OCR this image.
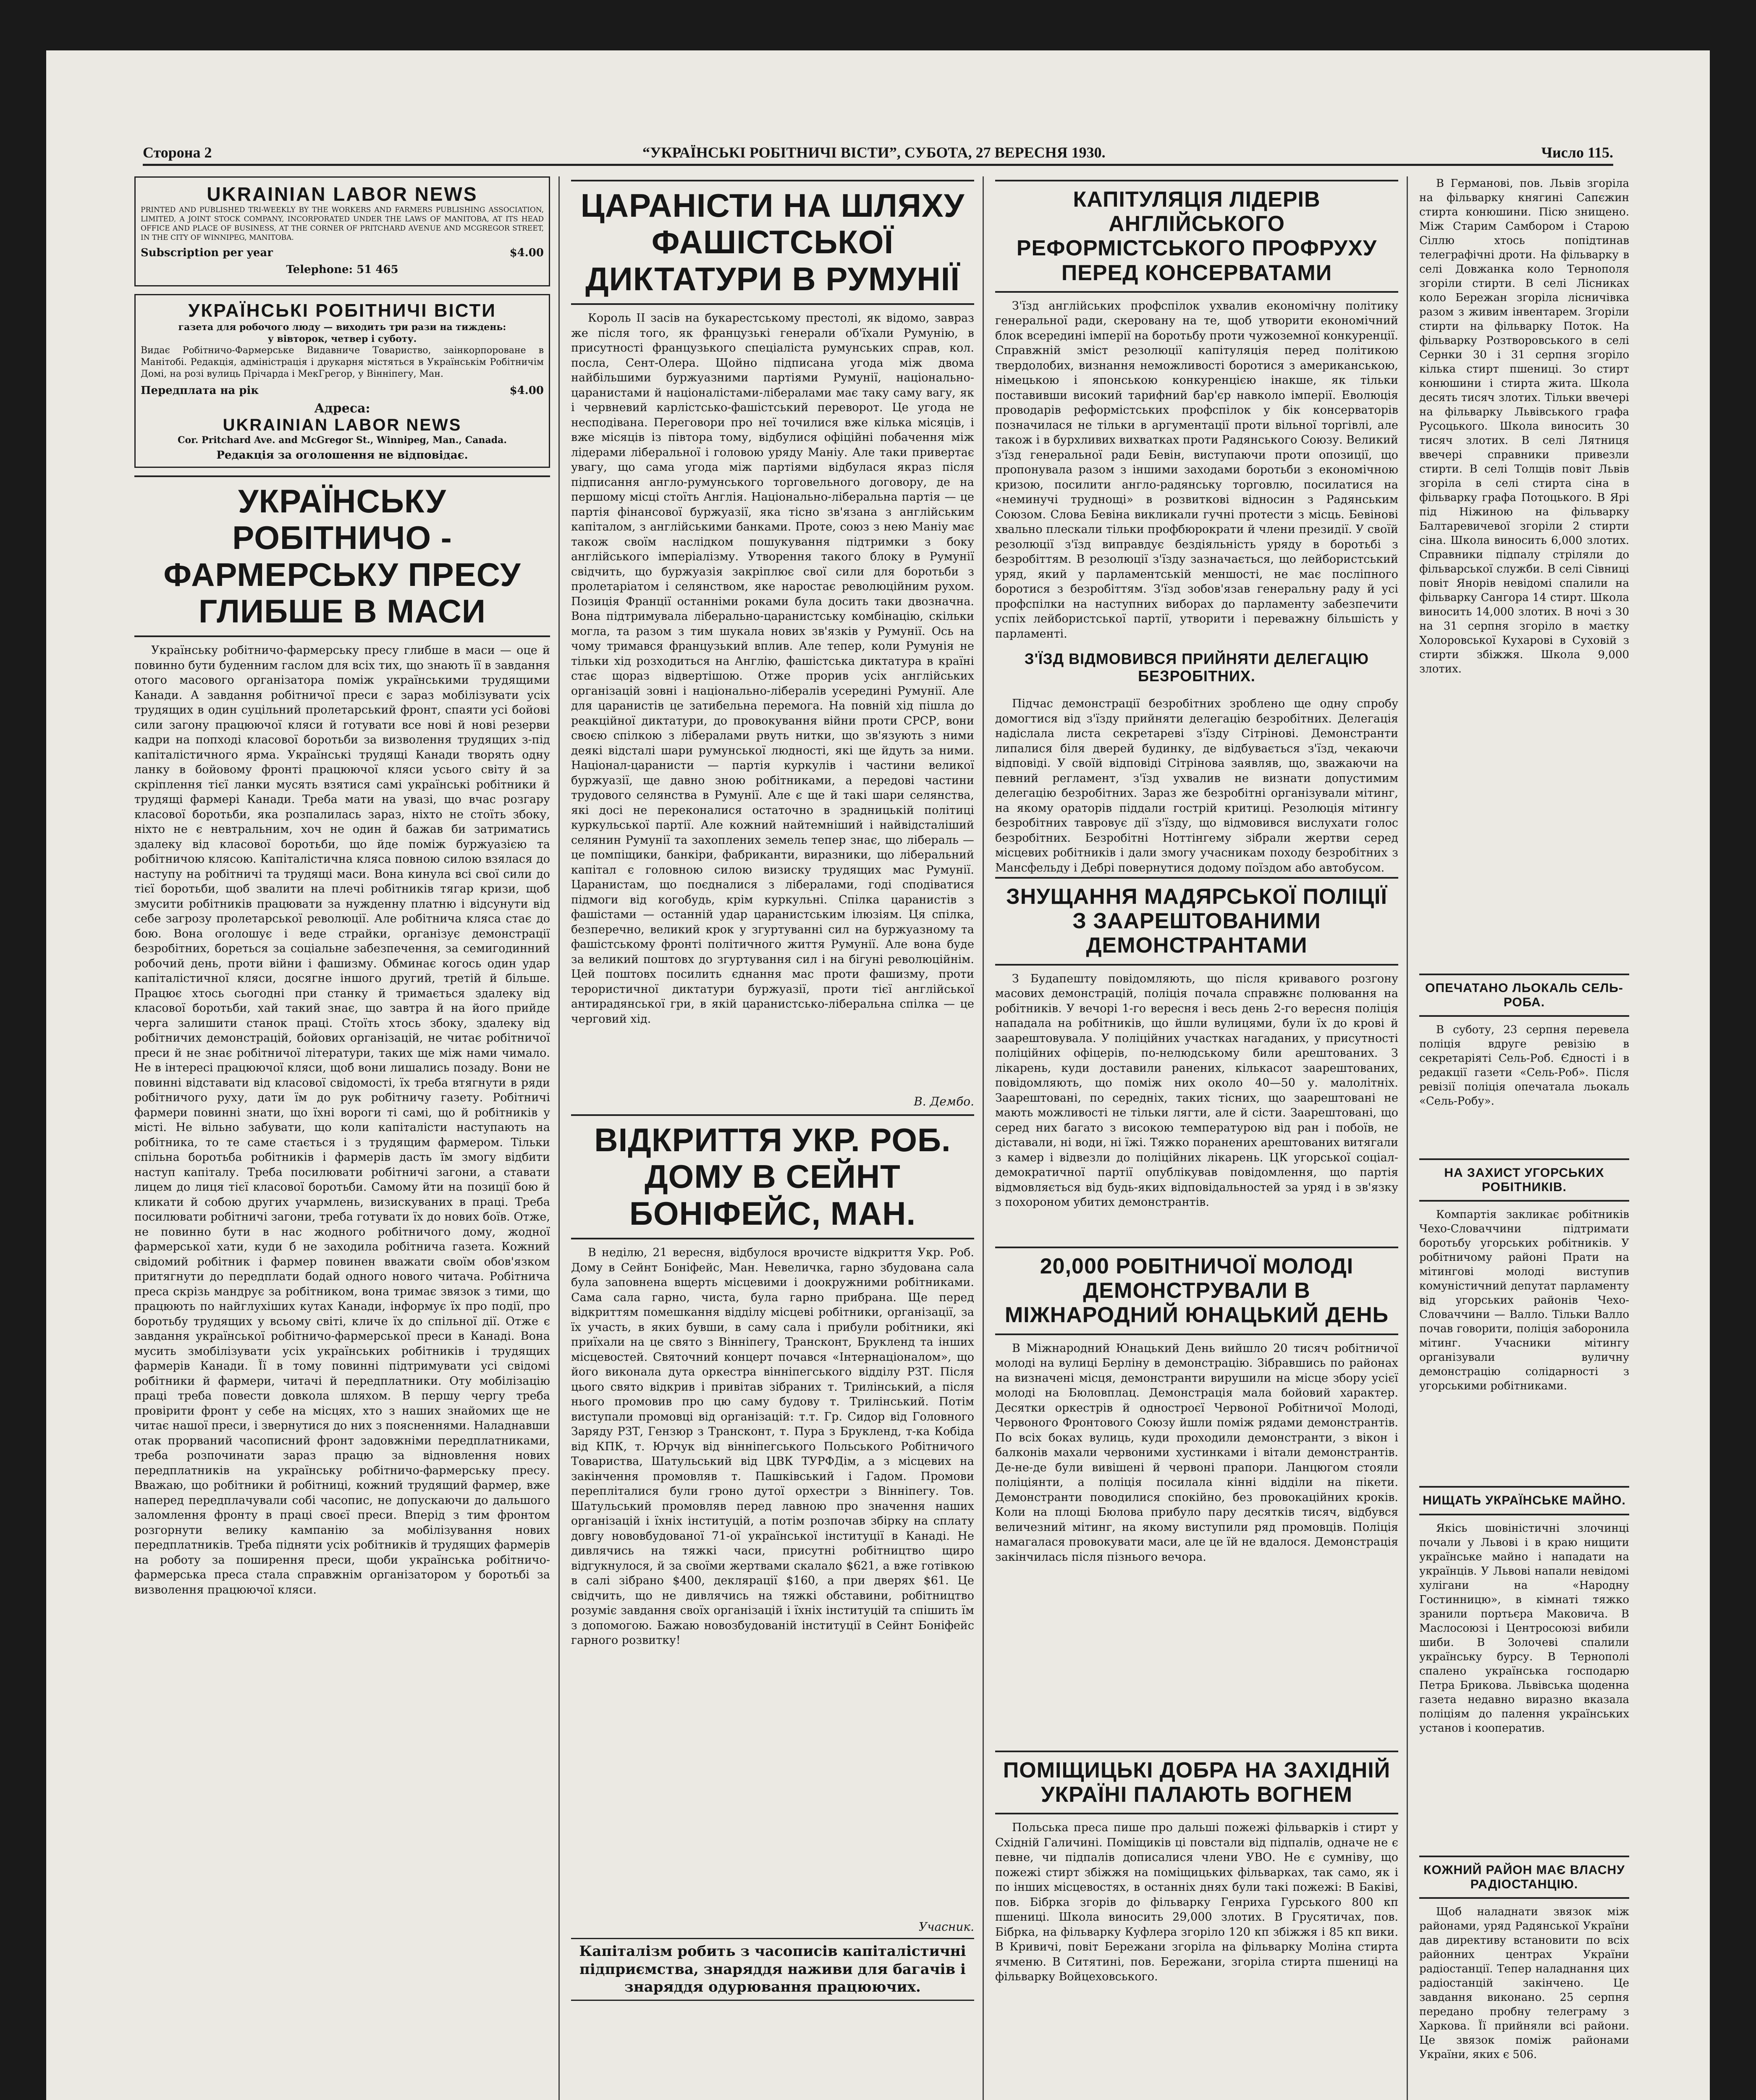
Сторона 2	“УКРАЇНСЬКІ РОБІТНИЧІ ВІСТИ”, СУБОТА, 27 ВЕРЕСНЯ 1930.	Число 115.
UKRAINIAN LABOR NEWS
PRINTED AND PUBLISHED TRI-WEEKLY BY THE WORKERS AND FARMERS PUBLISHING ASSOCIATION, LIMITED, A JOINT STOCK COMPANY, INCORPORATED UNDER THE LAWS OF MANITOBA, AT ITS HEAD OFFICE AND PLACE OF BUSINESS, AT THE CORNER OF PRITCHARD AVENUE AND MCGREGOR STREET, IN THE CITY OF WINNIPEG, MANITOBA.
Subscription per year	$4.00
Telephone: 51 465
УКРАЇНСЬКІ РОБІТНИЧІ ВІСТИ
газета для робочого люду — виходить три рази на тиждень:
у вівторок, четвер і суботу.
Видає Робітничо-Фармерське Видавниче Товариство, заінкорпороване в Манітобі. Редакція, адміністрація і друкарня містяться в Українськім Робітничім Домі, на розі вулиць Прічарда і МекГрегор, у Вінніпегу, Ман.
Передплата на рік	$4.00
Адреса:
UKRAINIAN LABOR NEWS
Cor. Pritchard Ave. and McGregor St., Winnipeg, Man., Canada.
Редакція за оголошення не відповідає.
УКРАЇНСЬКУ РОБІТНИЧО - ФАРМЕРСЬКУ ПРЕСУ ГЛИБШЕ В МАСИ

Українську робітничо-фармерську пресу глибше в маси — оце й повинно бути буденним гаслом для всіх тих, що знають її в завдання отого масового організатора поміж українськими трудящими Канади. А завдання робітничої преси є зараз мобілізувати усіх трудящих в один суцільний пролетарський фронт, спаяти усі бойові сили загону працюючої кляси й готувати все нові й нові резерви кадри на попході класової боротьби за визволення трудящих з-під капіталістичного ярма. Українські трудящі Канади творять одну ланку в бойовому фронті працюючої кляси усього світу й за скріплення тієї ланки мусять взятися самі українські робітники й трудящі фармері Канади. Треба мати на увазі, що вчас розгару класової боротьби, яка розпалилась зараз, ніхто не стоїть збоку, ніхто не є невтральним, хоч не один й бажав би затриматись здалеку від класової боротьби, що йде поміж буржуазією та робітничою клясою. Капіталістична кляса повною силою взялася до наступу на робітничі та трудящі маси. Вона кинула всі свої сили до тієї боротьби, щоб звалити на плечі робітників тягар кризи, щоб змусити робітників працювати за нужденну платню і відсунути від себе загрозу пролетарської революції. Але робітнича кляса стає до бою. Вона оголошує і веде страйки, організує демонстрації безробітних, бореться за соціальне забезпечення, за семигодинний робочий день, проти війни і фашизму. Обминає когось один удар капіталістичної кляси, досягне іншого другий, третій й більше. Працює хтось сьогодні при станку й тримається здалеку від класової боротьби, хай такий знає, що завтра й на його прийде черга залишити станок праці. Стоїть хтось збоку, здалеку від робітничих демонстрацій, бойових організацій, не читає робітничої преси й не знає робітничої літератури, таких ще між нами чимало. Не в інтересі працюючої кляси, щоб вони лишались позаду. Вони не повинні відставати від класової свідомості, їх треба втягнути в ряди робітничого руху, дати їм до рук робітничу газету. Робітничі фармери повинні знати, що їхні вороги ті самі, що й робітників у місті. Не вільно забувати, що коли капіталісти наступають на робітника, то те саме стається і з трудящим фармером. Тільки спільна боротьба робітників і фармерів дасть їм змогу відбити наступ капіталу. Треба посилювати робітничі загони, а ставати лицем до лиця тієї класової боротьби. Самому йти на позиції бою й кликати й собою других учармлень, визискуваних в праці. Треба посилювати робітничі загони, треба готувати їх до нових боїв. Отже, не повинно бути в нас жодного робітничого дому, жодної фармерської хати, куди б не заходила робітнича газета. Кожний свідомий робітник і фармер повинен вважати своїм обов'язком притягнути до передплати бодай одного нового читача. Робітнича преса скрізь мандрує за робітником, вона тримає звязок з тими, що працюють по найглухіших кутах Канади, інформує їх про події, про боротьбу трудящих у всьому світі, кличе їх до спільної дії. Отже є завдання української робітничо-фармерської преси в Канаді. Вона мусить змобілізувати усіх українських робітників і трудящих фармерів Канади. Її в тому повинні підтримувати усі свідомі робітники й фармери, читачі й передплатники. Оту мобілізацію праці треба повести довкола шляхом. В першу чергу треба провірити фронт у себе на місцях, хто з наших знайомих ще не читає нашої преси, і звернутися до них з поясненнями. Наладнавши отак прорваний часописний фронт задовжніми передплатниками, треба розпочинати зараз працю за відновлення нових передплатників на українську робітничо-фармерську пресу. Вважаю, що робітники й робітниці, кожний трудящий фармер, вже наперед передплачували собі часопис, не допускаючи до дальшого заломлення фронту в праці своєї преси. Вперід з тим фронтом розгорнути велику кампанію за мобілізування нових передплатників. Треба підняти усіх робітників й трудящих фармерів на роботу за поширення преси, щоби українська робітничо-фармерська преса стала справжнім організатором у боротьбі за визволення працюючої кляси.

ЦАРАНІСТИ НА ШЛЯХУ ФАШІСТСЬКОЇ ДИКТАТУРИ В РУМУНІЇ

Король II засів на букарестському престолі, як відомо, завраз же після того, як французькі генерали об'їхали Румунію, в присутності французького спеціаліста румунських справ, кол. посла, Сент-Олера. Щойно підписана угода між двома найбільшими буржуазними партіями Румунії, національно-царанистами й націоналістами-лібералами має таку саму вагу, як і червневий карлістсько-фашістський переворот. Це угода не несподівана. Переговори про неї точилися вже кілька місяців, і вже місяців із півтора тому, відбулися офіційні побачення між лідерами ліберальної і головою уряду Маніу. Але таки привертає увагу, що сама угода між партіями відбулася якраз після підписання англо-румунського торговельного договору, де на першому місці стоїть Англія. Національно-ліберальна партія — це партія фінансової буржуазії, яка тісно зв'язана з англійським капіталом, з англійськими банками. Проте, союз з нею Маніу має також своїм наслідком пошукування підтримки з боку англійського імперіалізму. Утворення такого блоку в Румунії свідчить, що буржуазія закріплює свої сили для боротьби з пролетаріатом і селянством, яке наростає революційним рухом. Позиція Франції останніми роками була досить таки двозначна. Вона підтримувала ліберально-царанистську комбінацію, скільки могла, та разом з тим шукала нових зв'язків у Румунії. Ось на чому тримався французький вплив. Але тепер, коли Румунія не тільки хід розходиться на Англію, фашістська диктатура в країні стає щораз відвертішою. Отже прорив усіх англійських організацій зовні і національно-лібералів усередині Румунії. Але для царанистів це затибельна перемога. На повній хід пішла до реакційної диктатури, до провокування війни проти СРСР, вони своєю спілкою з лібералами рвуть нитки, що зв'язують з ними деякі відсталі шари румунської людності, які ще йдуть за ними. Націонал-царанисти — партія куркулів і частини великої буржуазії, ще давно зною робітниками, а передові частини трудового селянства в Румунії. Але є ще й такі шари селянства, які досі не переконалися остаточно в зрадницькій політиці куркульської партії. Але кожний найтемніший і найвідсталіший селянин Румунії та захоплених земель тепер знає, що лібераль — це помпіщики, банкіри, фабриканти, виразники, що ліберальний капітал є головною силою визиску трудящих мас Румунії. Царанистам, що поєдналися з лібералами, годі сподіватися підмоги від когобудь, крім куркульні. Спілка царанистів з фашістами — останній удар царанистським ілюзіям. Ця спілка, безперечно, великий крок у згуртуванні сил на буржуазному та фашістському фронті політичного життя Румунії. Але вона буде за великий поштовх до згуртування сил і на бігуні революційнім. Цей поштовх посилить єднання мас проти фашизму, проти терористичної диктатури буржуазії, проти тієї англійської антирадянської гри, в якій царанистсько-ліберальна спілка — це черговий хід.

В. Дембо.
ВІДКРИТТЯ УКР. РОБ. ДОМУ В СЕЙНТ БОНІФЕЙС, МАН.

В неділю, 21 вересня, відбулося врочисте відкриття Укр. Роб. Дому в Сейнт Боніфейс, Ман. Невеличка, гарно збудована сала була заповнена вщерть місцевими і доокружними робітниками. Сама сала гарно, чиста, була гарно прибрана. Ще перед відкриттям помешкання відділу місцеві робітники, організації, за їх участь, в яких бувши, в саму сала і прибули робітники, які приїхали на це свято з Вінніпегу, Трансконт, Брукленд та інших місцевостей. Святочний концерт почався «Інтернаціоналом», що його виконала дута оркестра вінніпегського відділу РЗТ. Після цього свято відкрив і привітав зібраних т. Трилінський, а після нього промовив про цю саму будову т. Трилінський. Потім виступали промовці від організацій: т.т. Гр. Сидор від Головного Заряду РЗТ, Гензюр з Трансконт, т. Пура з Брукленд, т-ка Кобіда від КПК, т. Юрчук від вінніпегського Польського Робітничого Товариства, Шатульський від ЦВК ТУРФДім, а з місцевих на закінчення промовляв т. Пашківський і Гадом. Промови перепліталися були гроно дутої орхестри з Вінніпегу. Тов. Шатульський промовляв перед лавною про значення наших організацій і їхніх інституцій, а потім розпочав збірку на сплату довгу нововбудованої 71-ої української інституції в Канаді. Не дивлячись на тяжкі часи, присутні робітництво щиро відгукнулося, й за своїми жертвами скалало $621, а вже готівкою в салі зібрано $400, деклярації $160, а при дверях $61. Це свідчить, що не дивлячись на тяжкі обставини, робітництво розуміє завдання своїх організацій і їхніх інституцій та спішить їм з допомогою. Бажаю новозбудованій інституції в Сейнт Боніфейс гарного розвитку!

Учасник.
Капіталізм робить з часописів капіталістичні підприємства, знаряддя наживи для багачів і знаряддя одурювання працюючих.
КАПІТУЛЯЦІЯ ЛІДЕРІВ АНГЛІЙСЬКОГО РЕФОРМІСТСЬКОГО ПРОФРУХУ ПЕРЕД КОНСЕРВАТАМИ

З'їзд англійських профспілок ухвалив економічну політику генеральної ради, скеровану на те, щоб утворити економічний блок всередині імперії на боротьбу проти чужоземної конкуренції. Справжній зміст резолюції капітуляція перед політикою твердолобих, визнання неможливості боротися з американською, німецькою і японською конкуренцією інакше, як тільки поставивши високий тарифний бар'єр навколо імперії. Еволюція проводарів реформістських профспілок у бік консерваторів позначилася не тільки в аргументації проти вільної торгівлі, але також і в бурхливих вихватках проти Радянського Союзу. Великий з'їзд генеральної ради Бевін, виступаючи проти опозиції, що пропонувала разом з іншими заходами боротьби з економічною кризою, посилити англо-радянську торговлю, посилатися на «неминучі труднощі» в розвиткові відносин з Радянським Союзом. Слова Бевіна викликали гучні протести з місць. Бевінові хвально плескали тільки профбюрократи й члени президії. У своїй резолюції з'їзд виправдує бездіяльність уряду в боротьбі з безробіттям. В резолюції з'їзду зазначається, що лейбористський уряд, який у парламентській меншості, не має посліпного боротися з безробіттям. З'їзд зобов'язав генеральну раду й усі профспілки на наступних виборах до парламенту забезпечити успіх лейбористської партії, утворити і переважну більшість у парламенті.

З'ЇЗД ВІДМОВИВСЯ ПРИЙНЯТИ ДЕЛЕГАЦІЮ БЕЗРОБІТНИХ.

Підчас демонстрації безробітних зроблено ще одну спробу домогтися від з'їзду прийняти делегацію безробітних. Делегація надіслала листа секретареві з'їзду Сітрінові. Демонстранти липалися біля дверей будинку, де відбувається з'їзд, чекаючи відповіді. У своїй відповіді Сітрінова заявляв, що, зважаючи на певний регламент, з'їзд ухвалив не визнати допустимим делегацію безробітних. Зараз же безробітні організували мітинг, на якому ораторів піддали гострій критиці. Резолюція мітингу безробітних тавровує дії з'їзду, що відмовився вислухати голос безробітних. Безробітні Ноттінгему зібрали жертви серед місцевих робітників і дали змогу учасникам походу безробітних з Мансфельду і Дебрі повернутися додому поїздом або автобусом.

ЗНУЩАННЯ МАДЯРСЬКОЇ ПОЛІЦІЇ З ЗААРЕШТОВАНИМИ ДЕМОНСТРАНТАМИ

З Будапешту повідомляють, що після кривавого розгону масових демонстрацій, поліція почала справжнє полювання на робітників. У вечорі 1-го вересня і весь день 2-го вересня поліція нападала на робітників, що йшли вулицями, були їх до крові й заарештовувала. У поліційних участках нагаданих, у присутності поліційних офіцерів, по-нелюдському били арештованих. З лікарень, куди доставили ранених, кількасот заарештованих, повідомляють, що поміж них около 40—50 у. малолітніх. Заарештовані, по середніх, таких тісних, що заарештовані не мають можливості не тільки лягти, але й сісти. Заарештовані, що серед них багато з високою температурою від ран і побоїв, не діставали, ні води, ні їжі. Тяжко поранених арештованих витягали з камер і відвезли до поліційних лікарень. ЦК угорської соціал-демократичної партії опублікував повідомлення, що партія відмовляється від будь-яких відповідальностей за уряд і в зв'язку з похороном убитих демонстрантів.

20,000 РОБІТНИЧОЇ МОЛОДІ ДЕМОНСТРУВАЛИ В МІЖНАРОДНИЙ ЮНАЦЬКИЙ ДЕНЬ

В Міжнародний Юнацький День вийшло 20 тисяч робітничої молоді на вулиці Берліну в демонстрацію. Зібравшись по районах на визначені місця, демонстранти вирушили на місце збору усієї молоді на Бюловплац. Демонстрація мала бойовий характер. Десятки оркестрів й одностроєї Червоної Робітничої Молоді, Червоного Фронтового Союзу йшли поміж рядами демонстрантів. По всіх боках вулиць, куди проходили демонстранти, з вікон і балконів махали червоними хустинками і вітали демонстрантів. Де-не-де були вивішені й червоні прапори. Ланцюгом стояли поліціянти, а поліція посилала кінні відділи на пікети. Демонстранти поводилися спокійно, без провокаційних кроків. Коли на площі Бюлова прибуло пару десятків тисяч, відбувся величезний мітинг, на якому виступили ряд промовців. Поліція намагалася провокувати маси, але це їй не вдалося. Демонстрація закінчилась після пізнього вечора.

ПОМІЩИЦЬКІ ДОБРА НА ЗАХІДНІЙ УКРАЇНІ ПАЛАЮТЬ ВОГНЕМ

Польська преса пише про дальші пожежі фільварків і стирт у Східній Галичині. Поміщиків ці повстали від підпалів, одначе не є певне, чи підпалів дописалися члени УВО. Не є сумніву, що пожежі стирт збіжжя на поміщицьких фільварках, так само, як і по інших місцевостях, в останніх днях були такі пожежі: В Баківі, пов. Бібрка згорів до фільварку Генриха Гурського 800 кп пшениці. Школа виносить 29,000 злотих. В Грусятичах, пов. Бібрка, на фільварку Куфлера згоріло 120 кп збіжжя і 85 кп вики. В Кривичі, повіт Бережани згоріла на фільварку Моліна стирта ячменю. В Ситятині, пов. Бережани, згоріла стирта пшениці на фільварку Войцеховського.

В Германові, пов. Львів згоріла на фільварку княгині Сапєжин стирта конюшини. Пісю знищено. Між Старим Самбором і Старою Сіллю хтось попідтинав телеграфічні дроти. На фільварку в селі Довжанка коло Тернополя згоріли стирти. В селі Лісниках коло Бережан згоріла лісничівка разом з живим інвентарем. Згоріли стирти на фільварку Поток. На фільварку Розтворовського в селі Сернки 30 і 31 серпня згоріло кілька стирт пшениці. Зо стирт конюшини і стирта жита. Школа десять тисяч злотих. Тільки ввечері на фільварку Львівського графа Русоцького. Школа виносить 30 тисяч злотих. В селі Лятниця ввечері справники привезли стирти. В селі Толщів повіт Львів згоріла в селі стирта сіна в фільварку графа Потоцького. В Ярі під Ніжиною на фільварку Балтаревичевої згоріли 2 стирти сіна. Школа виносить 6,000 злотих. Справники підпалу стріляли до фільварської служби. В селі Сівниці повіт Янорів невідомі спалили на фільварку Сангора 14 стирт. Школа виносить 14,000 злотих. В ночі з 30 на 31 серпня згоріло в маєтку Холоровської Кухарові в Суховій з стирти збіжжя. Школа 9,000 злотих.

ОПЕЧАТАНО ЛЬОКАЛЬ СЕЛЬ-РОБА.

В суботу, 23 серпня перевела поліція вдруге ревізію в секретаріяті Сель-Роб. Єдності і в редакції газети «Сель-Роб». Після ревізії поліція опечатала льокаль «Сель-Робу».

НА ЗАХИСТ УГОРСЬКИХ РОБІТНИКІВ.

Компартія закликає робітників Чехо-Словаччини підтримати боротьбу угорських робітників. У робітничому районі Прати на мітингові молоді виступив комуністичний депутат парламенту від угорських районів Чехо-Словаччини — Валло. Тільки Валло почав говорити, поліція заборонила мітинг. Учасники мітингу організували вуличну демонстрацію солідарності з угорськими робітниками.

НИЩАТЬ УКРАЇНСЬКЕ МАЙНО.

Якісь шовіністичні злочинці почали у Львові і в краю нищити українське майно і нападати на українців. У Львові напали невідомі хулігани на «Народну Гостинницю», в кімнаті тяжко зранили портьєра Маковича. В Маслосоюзі і Центросоюзі вибили шиби. В Золочеві спалили українську бурсу. В Тернополі спалено українська господарю Петра Брикова. Львівська щоденна газета недавно виразно вказала поліціям до палення українських установ і кооператив.

КОЖНИЙ РАЙОН МАЄ ВЛАСНУ РАДІОСТАНЦІЮ.

Щоб наладнати звязок між районами, уряд Радянської України дав директиву встановити по всіх районних центрах України радіостанції. Тепер наладнання цих радіостанцій закінчено. Це завдання виконано. 25 серпня передано пробну телеграму з Харкова. Її прийняли всі райони. Це звязок поміж районами України, яких є 506.
